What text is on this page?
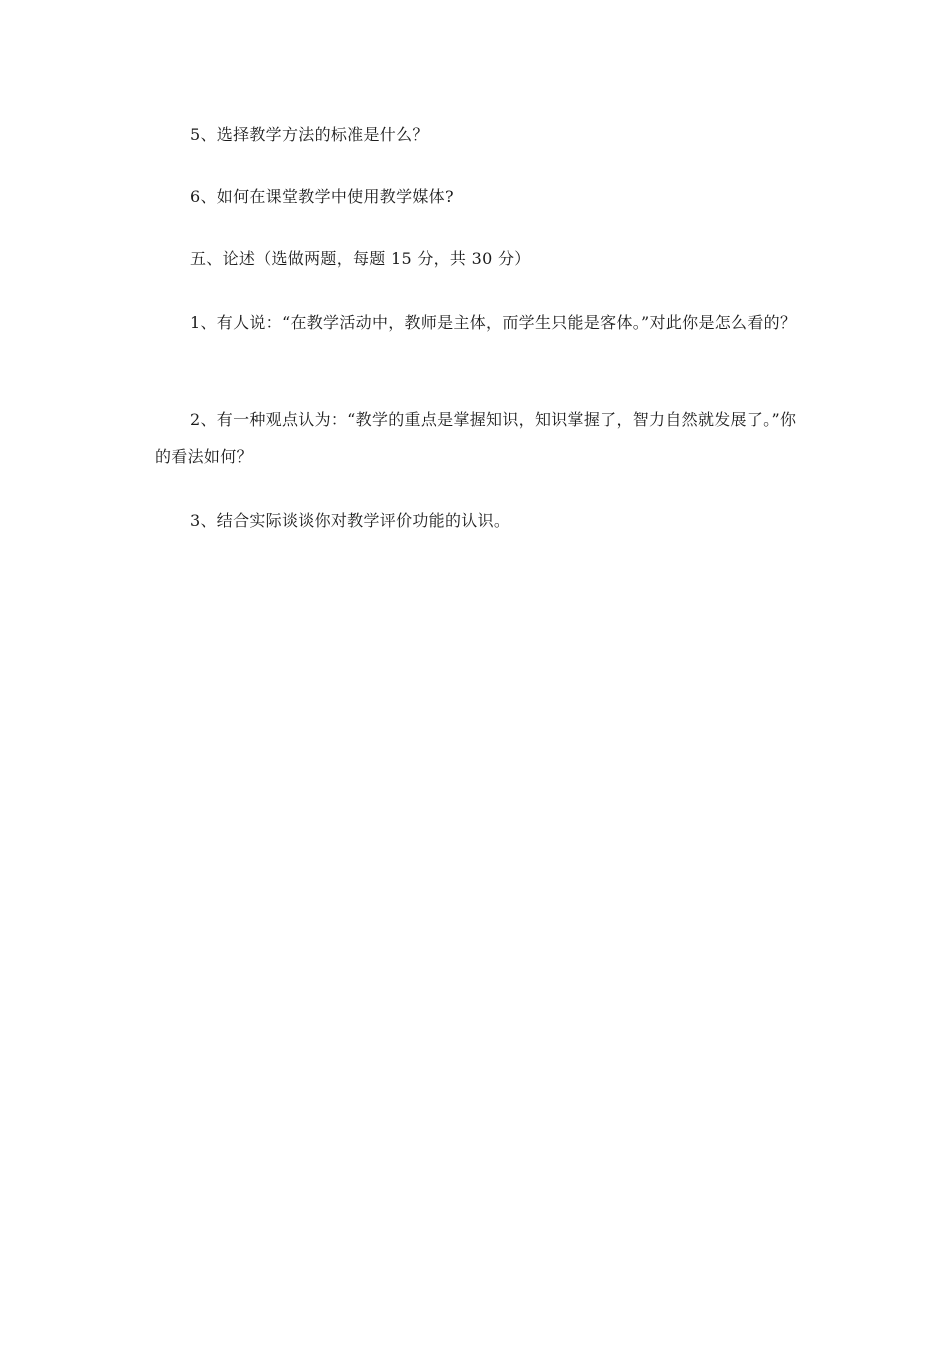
5、选择教学方法的标准是什么？

6、如何在课堂教学中使用教学媒体?

五、论述（选做两题，每题 15 分，共 30 分）

1、有人说：“在教学活动中，教师是主体，而学生只能是客体。”对此你是怎么看的？

2、有一种观点认为：“教学的重点是掌握知识，知识掌握了，智力自然就发展了。”你的看法如何？

3、结合实际谈谈你对教学评价功能的认识。
